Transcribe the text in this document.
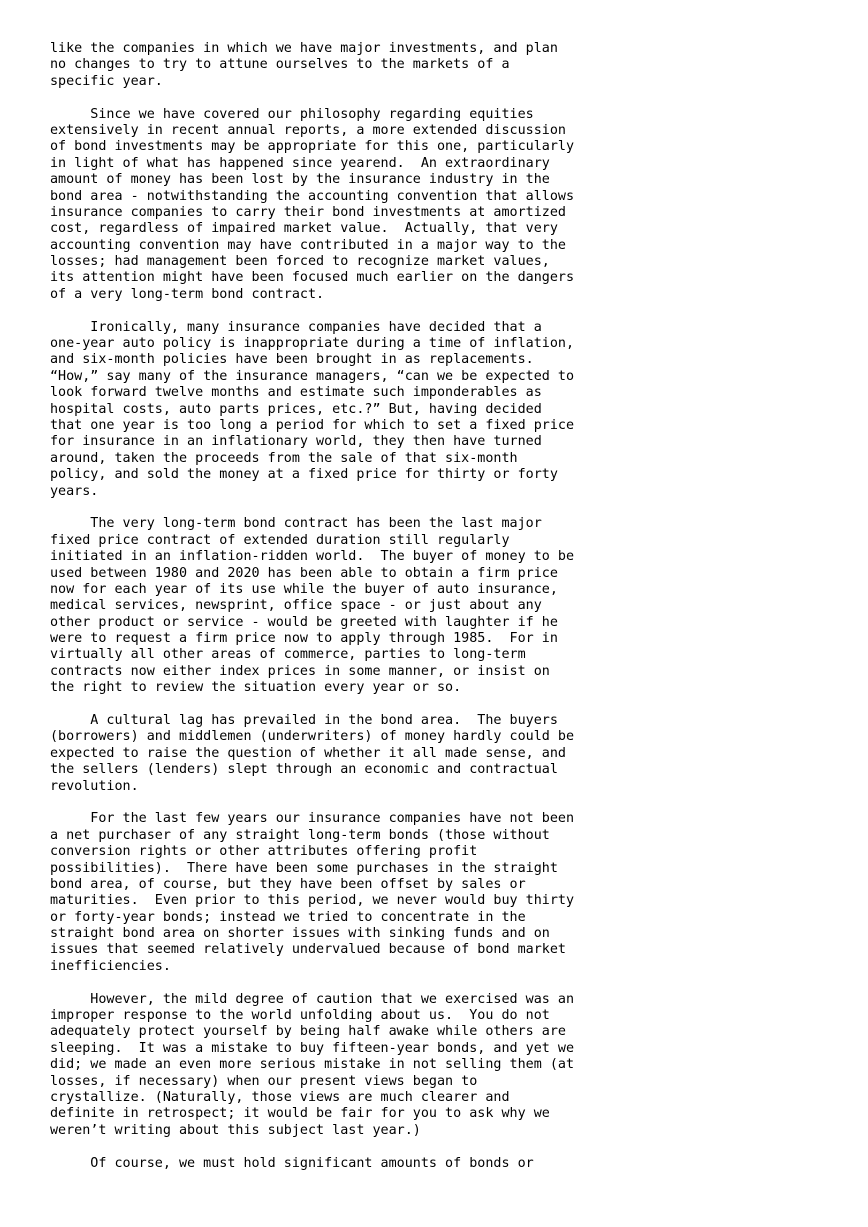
like the companies in which we have major investments, and plan
no changes to try to attune ourselves to the markets of a
specific year.
Since we have covered our philosophy regarding equities
extensively in recent annual reports, a more extended discussion
of bond investments may be appropriate for this one, particularly
in light of what has happened since yearend.  An extraordinary
amount of money has been lost by the insurance industry in the
bond area - notwithstanding the accounting convention that allows
insurance companies to carry their bond investments at amortized
cost, regardless of impaired market value.  Actually, that very
accounting convention may have contributed in a major way to the
losses; had management been forced to recognize market values,
its attention might have been focused much earlier on the dangers
of a very long-term bond contract.
Ironically, many insurance companies have decided that a
one-year auto policy is inappropriate during a time of inflation,
and six-month policies have been brought in as replacements.
“How,” say many of the insurance managers, “can we be expected to
look forward twelve months and estimate such imponderables as
hospital costs, auto parts prices, etc.?” But, having decided
that one year is too long a period for which to set a fixed price
for insurance in an inflationary world, they then have turned
around, taken the proceeds from the sale of that six-month
policy, and sold the money at a fixed price for thirty or forty
years.
The very long-term bond contract has been the last major
fixed price contract of extended duration still regularly
initiated in an inflation-ridden world.  The buyer of money to be
used between 1980 and 2020 has been able to obtain a firm price
now for each year of its use while the buyer of auto insurance,
medical services, newsprint, office space - or just about any
other product or service - would be greeted with laughter if he
were to request a firm price now to apply through 1985.  For in
virtually all other areas of commerce, parties to long-term
contracts now either index prices in some manner, or insist on
the right to review the situation every year or so.
A cultural lag has prevailed in the bond area.  The buyers
(borrowers) and middlemen (underwriters) of money hardly could be
expected to raise the question of whether it all made sense, and
the sellers (lenders) slept through an economic and contractual
revolution.
For the last few years our insurance companies have not been
a net purchaser of any straight long-term bonds (those without
conversion rights or other attributes offering profit
possibilities).  There have been some purchases in the straight
bond area, of course, but they have been offset by sales or
maturities.  Even prior to this period, we never would buy thirty
or forty-year bonds; instead we tried to concentrate in the
straight bond area on shorter issues with sinking funds and on
issues that seemed relatively undervalued because of bond market
inefficiencies.
However, the mild degree of caution that we exercised was an
improper response to the world unfolding about us.  You do not
adequately protect yourself by being half awake while others are
sleeping.  It was a mistake to buy fifteen-year bonds, and yet we
did; we made an even more serious mistake in not selling them (at
losses, if necessary) when our present views began to
crystallize. (Naturally, those views are much clearer and
definite in retrospect; it would be fair for you to ask why we
weren’t writing about this subject last year.)
Of course, we must hold significant amounts of bonds or
